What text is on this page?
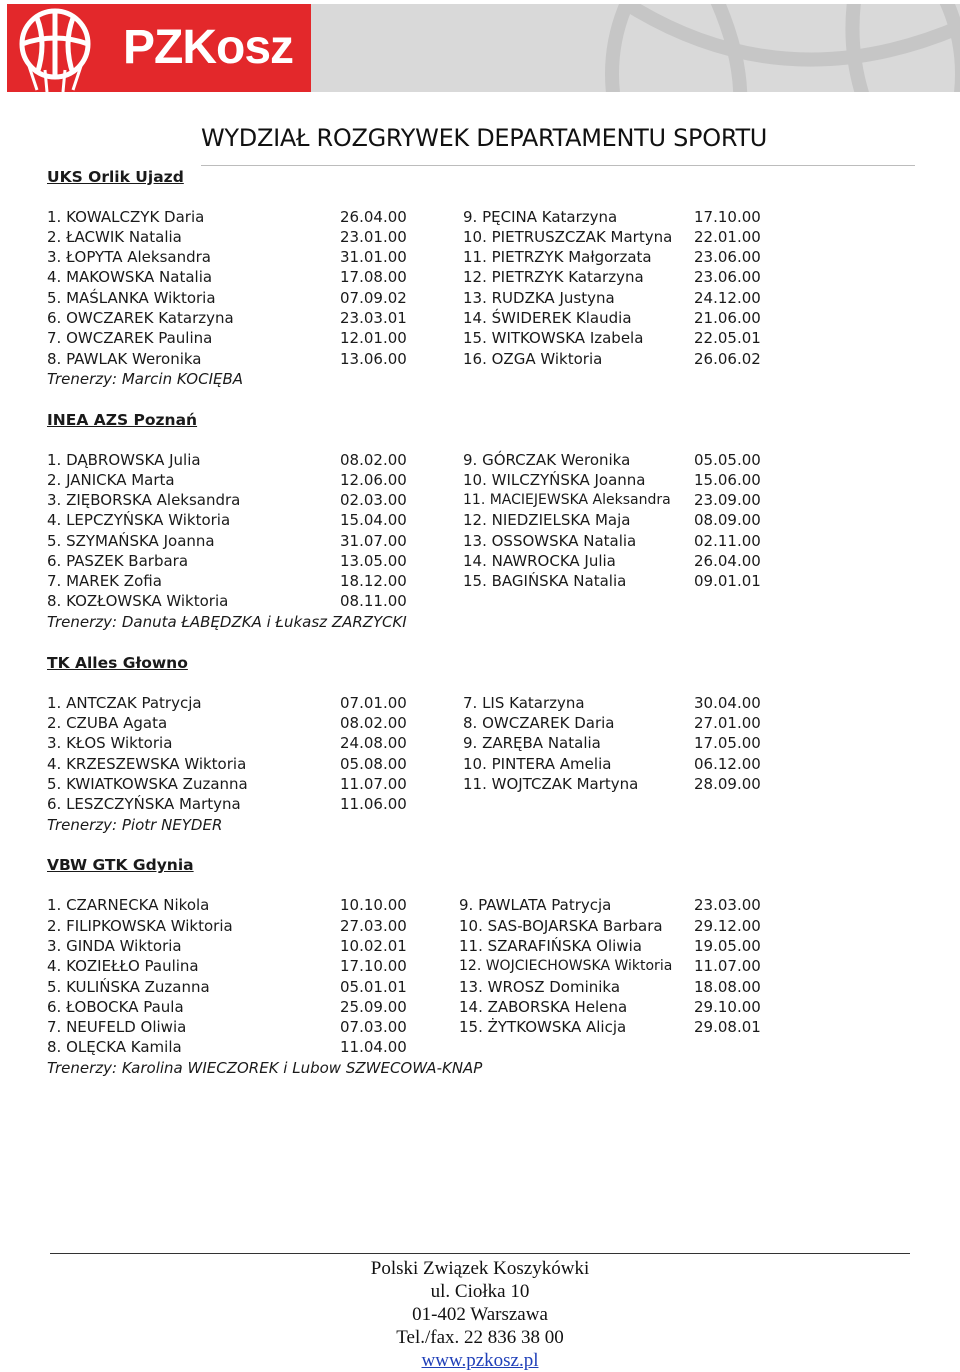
PZKosz
WYDZIAŁ ROZGRYWEK DEPARTAMENTU SPORTU
UKS Orlik Ujazd
1. KOWALCZYK Daria	26.04.00
2. ŁACWIK Natalia	23.01.00
3. ŁOPYTA Aleksandra	31.01.00
4. MAKOWSKA Natalia	17.08.00
5. MAŚLANKA Wiktoria	07.09.02
6. OWCZAREK Katarzyna	23.03.01
7. OWCZAREK Paulina	12.01.00
8. PAWLAK Weronika	13.06.00
9. PĘCINA Katarzyna	17.10.00
10. PIETRUSZCZAK Martyna 22.01.00
11. PIETRZYK Małgorzata	23.06.00
12. PIETRZYK Katarzyna	23.06.00
13. RUDZKA Justyna	24.12.00
14. ŚWIDEREK Klaudia	21.06.00
15. WITKOWSKA Izabela	22.05.01
16. OZGA Wiktoria	26.06.02
Trenerzy: Marcin KOCIĘBA
INEA AZS Poznań
1. DĄBROWSKA Julia	08.02.00
2. JANICKA Marta	12.06.00
3. ZIĘBORSKA Aleksandra	02.03.00
4. LEPCZYŃSKA Wiktoria	15.04.00
5. SZYMAŃSKA Joanna	31.07.00
6. PASZEK Barbara	13.05.00
7. MAREK Zofia	18.12.00
8. KOZŁOWSKA Wiktoria	08.11.00
9. GÓRCZAK Weronika	05.05.00
10. WILCZYŃSKA Joanna	15.06.00
11. MACIEJEWSKA Aleksandra 23.09.00
12. NIEDZIELSKA Maja	08.09.00
13. OSSOWSKA Natalia	02.11.00
14. NAWROCKA Julia	26.04.00
15. BAGIŃSKA Natalia	09.01.01
Trenerzy: Danuta ŁABĘDZKA i Łukasz ZARZYCKI
TK Alles Głowno
1. ANTCZAK Patrycja	07.01.00
2. CZUBA Agata	08.02.00
3. KŁOS Wiktoria	24.08.00
4. KRZESZEWSKA Wiktoria	05.08.00
5. KWIATKOWSKA Zuzanna	11.07.00
6. LESZCZYŃSKA Martyna	11.06.00
7. LIS Katarzyna	30.04.00
8. OWCZAREK Daria	27.01.00
9. ZARĘBA Natalia	17.05.00
10. PINTERA Amelia	06.12.00
11. WOJTCZAK Martyna	28.09.00
Trenerzy: Piotr NEYDER
VBW GTK Gdynia
1. CZARNECKA Nikola	10.10.00
2. FILIPKOWSKA Wiktoria	27.03.00
3. GINDA Wiktoria	10.02.01
4. KOZIEŁŁO Paulina	17.10.00
5. KULIŃSKA Zuzanna	05.01.01
6. ŁOBOCKA Paula	25.09.00
7. NEUFELD Oliwia	07.03.00
8. OLĘCKA Kamila	11.04.00
9. PAWLATA Patrycja	23.03.00
10. SAS-BOJARSKA Barbara 29.12.00
11. SZARAFIŃSKA Oliwia	19.05.00
12. WOJCIECHOWSKA Wiktoria 11.07.00
13. WROSZ Dominika	18.08.00
14. ZABORSKA Helena	29.10.00
15. ŻYTKOWSKA Alicja	29.08.01
Trenerzy: Karolina WIECZOREK i Lubow SZWECOWA-KNAP
Polski Związek Koszykówki
ul. Ciołka 10
01-402 Warszawa
Tel./fax. 22 836 38 00
www.pzkosz.pl
